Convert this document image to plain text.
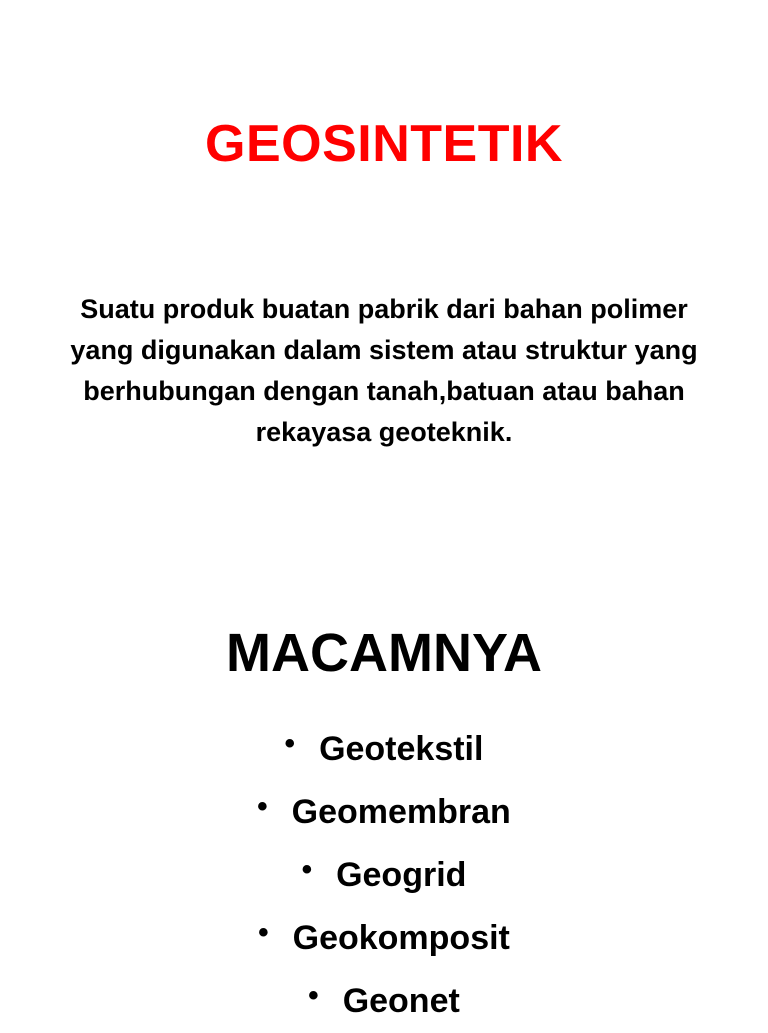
GEOSINTETIK
Suatu produk buatan pabrik dari bahan polimer yang digunakan dalam sistem atau struktur yang berhubungan dengan tanah,batuan atau bahan rekayasa geoteknik.
MACAMNYA
• Geotekstil
• Geomembran
• Geogrid
• Geokomposit
• Geonet
